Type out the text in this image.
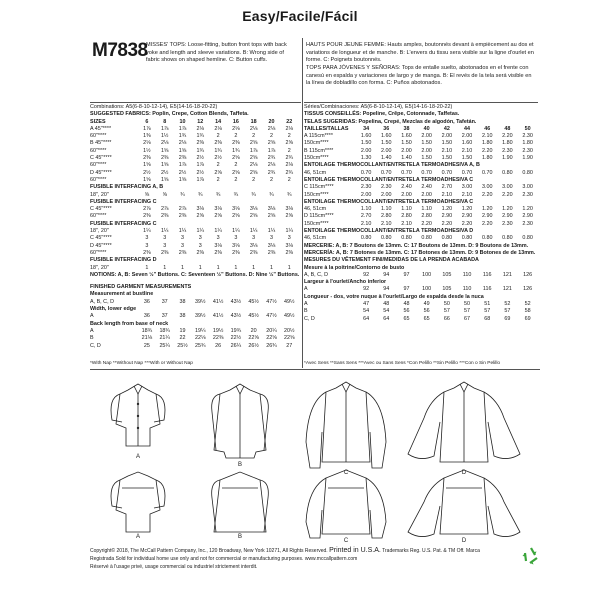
Easy/Facile/Fácil
M7838
MISSES' TOPS: Loose-fitting, button front tops with back yoke and length and sleeve variations. B: Wrong side of fabric shows on shaped hemline. C: Button cuffs.
HAUTS POUR JEUNE FEMME: Hauts amples, boutonnés devant à empiècement au dos et variations de longueur et de manche. B: L'envers du tissu sera visible sur la ligne d'ourlet en forme. C: Poignets boutonnés.
TOPS PARA JÓVENES Y SEÑORAS: Tops de entalle suelto, abotonados en el frente con canesú en espalda y variaciones de largo y de manga. B: El revés de la tela será visible en la línea de dobladillo con forma. C: Puños abotonados.
Combinations: A5(6-8-10-12-14), E5(14-16-18-20-22)
SUGGESTED FABRICS: Poplin, Crepe, Cotton Blends, Taffeta.
SIZES	6	8	10	12	14	16	18	20	22
A 45"****	1⅞	1⅞	1⅞	2⅛	2⅛	2⅛	2⅛	2⅛	2⅛
60"****	1⅜	1½	1¾	1¾	2	2	2	2	2
B 45"****	2⅛	2⅛	2⅛	2⅜	2⅜	2⅜	2⅝	2⅝	2⅝
60"****	1½	1⅝	1⅝	1¾	1¾	1¾	1⅞	1⅞	2
C 45"****	2⅜	2⅜	2⅜	2½	2½	2⅝	2⅝	2¾	2¾
60"****	1⅝	1⅝	1⅞	1⅞	2	2	2⅛	2⅛	2⅛
D 45"****	2½	2½	2½	2½	2⅝	2⅝	2⅝	2¾	2¾
60"****	1⅝	1⅝	1⅝	1⅞	2	2	2	2	2
FUSIBLE INTERFACING A, B
18", 20"	⅝	⅝	¾	¾	¾	¾	¾	¾	¾
FUSIBLE INTERFACING C
C 45"****	2⅞	2⅞	2⅞	3⅛	3⅛	3⅛	3⅛	3⅛	3⅛
60"****	2⅜	2⅜	2⅜	2⅝	2⅝	2⅝	2⅝	2⅝	2⅝
FUSIBLE INTERFACING C
18", 20"	1¼	1¼	1¼	1¼	1¼	1¼	1¼	1¼	1¼
C 45"****	3	3	3	3	3	3	3	3	3
D 45"****	3	3	3	3	3⅛	3⅛	3⅛	3⅛	3⅛
60"****	2⅜	2⅜	2⅜	2⅜	2⅜	2⅜	2⅜	2⅜	2⅜
FUSIBLE INTERFACING D
18", 20"	1	1	1	1	1	1	1	1	1
NOTIONS: A, B: Seven ½" Buttons. C: Seventeen ½" Buttons. D: Nine ½" Buttons.
FINISHED GARMENT MEASUREMENTS
Measurement at bustline
A, B, C, D	36	37	38	39½	41½	43½	45½	47½	49½
Width, lower edge
A	36	37	38	39½	41½	43½	45½	47½	49½
Back length from base of neck
A	18¾	18¾	19	19¼	19½	19¾	20	20¼	20½
B	21⅛	21¼	22	22⅛	22⅜	22½	22⅝	22⅝	22⅝
C, D	25	25¼	25½	25¾	26	26¼	26½	26¾	27
Séries/Combinaciones: A5(6-8-10-12-14), E5(14-16-18-20-22)
TISSUS CONSEILLÉS: Popeline, Crêpe, Cotonnade, Taffetas.
TELAS SUGERIDAS: Popelina, Crepé, Mezclas de algodón, Tafetán.
TAILLES/TALLAS	34	36	38	40	42	44	46	48	50
A 115cm****	1.60	1.60	1.60	2.00	2.00	2.00	2.10	2.20	2.30
150cm****	1.50	1.50	1.50	1.50	1.50	1.60	1.80	1.80	1.80
B 115cm****	2.00	2.00	2.00	2.00	2.10	2.10	2.20	2.30	2.30
150cm****	1.30	1.40	1.40	1.50	1.50	1.50	1.80	1.90	1.90
ENTOILAGE THERMOCOLLANT/ENTRETELA TERMOADHESIVA A, B
46, 51cm	0.70	0.70	0.70	0.70	0.70	0.70	0.70	0.80	0.80
ENTOILAGE THERMOCOLLANT/ENTRETELA TERMOADHESIVA C
C 115cm****	2.30	2.30	2.40	2.40	2.70	3.00	3.00	3.00	3.00
150cm****	2.00	2.00	2.00	2.00	2.10	2.10	2.20	2.20	2.30
ENTOILAGE THERMOCOLLANT/ENTRETELA TERMOADHESIVA C
46, 51cm	1.10	1.10	1.10	1.10	1.20	1.20	1.20	1.20	1.20
D 115cm****	2.70	2.80	2.80	2.80	2.90	2.90	2.90	2.90	2.90
150cm****	2.10	2.10	2.10	2.20	2.20	2.20	2.20	2.30	2.30
ENTOILAGE THERMOCOLLANT/ENTRETELA TERMOADHESIVA D
46, 51cm	0.80	0.80	0.80	0.80	0.80	0.80	0.80	0.80	0.80
MERCERIE: A, B: 7 Boutons de 13mm. C: 17 Boutons de 13mm. D: 9 Boutons de 13mm.
MERCERÍA: A, B: 7 Botones de 13mm. C: 17 Botones de 13mm. D: 9 Botones de de 13mm.
MESURES DU VÊTEMENT FINI/MEDIDAS DE LA PRENDA ACABADA
Mesure à la poitrine/Contorno de busto
A, B, C, D	92	94	97	100	105	110	116	121	126
Largeur à l'ourlet/Ancho inferior
A	92	94	97	100	105	110	116	121	126
Longueur - dos, votre nuque à l'ourlet/Largo de espalda desde la nuca
A	47	48	48	49	50	50	51	52	52
B	54	54	56	56	57	57	57	57	58
C, D	64	64	65	65	66	67	68	69	69
*With Nap **Without Nap ***With or Without Nap	*Avec Sens **Sans Sens ***Avec ou Sans Sens *Con Pelillo **Sin Pelillo ***Con o Sin Pelillo
A
B
C	D
A	B
C	D
Copyright© 2018, The McCall Pattern Company, Inc., 120 Broadway, New York 10271, All Rights Reserved. Printed in U.S.A. Trademarks Reg. U.S. Pat. & TM Off. Marca
Registrada Sold for individual home use only and not for commercial or manufacturing purposes. www.mccallpattern.com
Réservé à l'usage privé, usage commercial ou industriel strictement interdit.
